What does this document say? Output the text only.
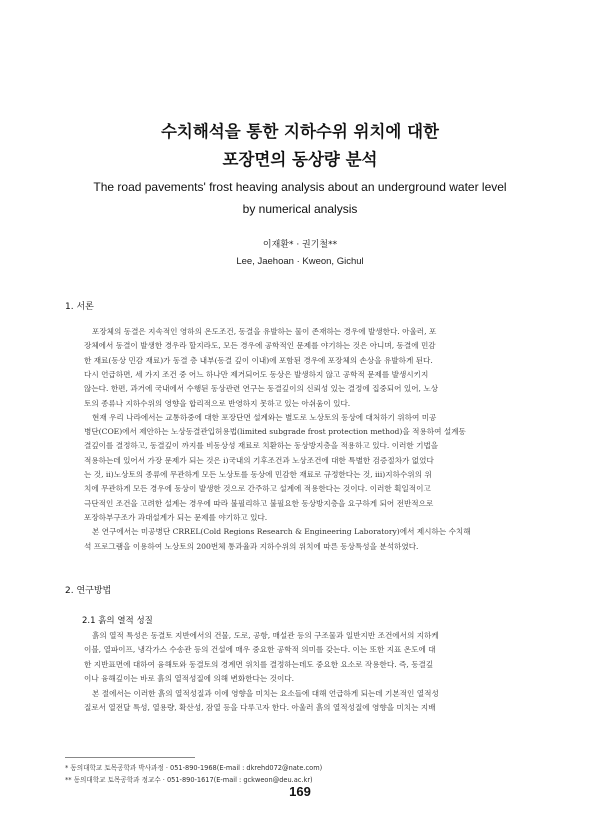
수치해석을 통한 지하수위 위치에 대한
포장면의 동상량 분석
The road pavements' frost heaving analysis about an underground water level
by numerical analysis
이재환* · 권기철**
Lee, Jaehoan · Kweon, Gichul
1. 서론
포장체의 동결은 지속적인 영하의 온도조건, 동결을 유발하는 물이 존재하는 경우에 발생한다. 아울러, 포
장체에서 동결이 발생한 경우라 할지라도, 모든 경우에 공학적인 문제를 야기하는 것은 아니며, 동결에 민감
한 재료(동상 민감 재료)가 동결 층 내부(동결 깊이 이내)에 포함된 경우에 포장체의 손상을 유발하게 된다.
다시 언급하면, 세 가지 조건 중 어느 하나만 제거되어도 동상은 발생하지 않고 공학적 문제를 발생시키지
않는다. 한편, 과거에 국내에서 수행된 동상관련 연구는 동결깊이의 신뢰성 있는 결정에 집중되어 있어, 노상
토의 종류나 지하수위의 영향을 합리적으로 반영하지 못하고 있는 아쉬움이 있다.
현재 우리 나라에서는 교통하중에 대한 포장단면 설계와는 별도로 노상토의 동상에 대처하기 위하여 미공
병단(COE)에서 제안하는 노상동결관입허용법(limited subgrade frost protection method)을 적용하여 설계동
결깊이를 결정하고, 동결깊이 까지를 비동상성 재료로 치환하는 동상방지층을 적용하고 있다. 이러한 기법을
적용하는데 있어서 가장 문제가 되는 것은 ⅰ)국내의 기후조건과 노상조건에 대한 특별한 검증절차가 없었다
는 것, ⅱ)노상토의 종류에 무관하게 모든 노상토를 동상에 민감한 재료로 규정한다는 것, ⅲ)지하수위의 위
치에 무관하게 모든 경우에 동상이 발생한 것으로 간주하고 설계에 적용한다는 것이다. 이러한 획일적이고
극단적인 조건을 고려한 설계는 경우에 따라 불필리하고 불필요한 동상방지층을 요구하게 되어 전반적으로
포장하부구조가 과대설계가 되는 문제를 야기하고 있다.
본 연구에서는 미공병단 CRREL(Cold Regions Research & Engineering Laboratory)에서 제시하는 수치해
석 프로그램을 이용하여 노상토의 200번체 통과율과 지하수위의 위치에 따른 동상특성을 분석하였다.
2. 연구방법
2.1 흙의 열적 성질
흙의 열적 특성은 동결토 지반에서의 건물, 도로, 공항, 매설관 등의 구조물과 일반지반 조건에서의 지하케
이블, 열파이프, 냉각가스 수송관 등의 건설에 매우 중요한 공학적 의미를 갖는다. 이는 또한 지표 온도에 대
한 지반표면에 대하여 융해토와 동결토의 경계면 위치를 결정하는데도 중요한 요소로 작용한다. 즉, 동결깊
이나 융해깊이는 바로 흙의 열적성질에 의해 변화한다는 것이다.
본 절에서는 이러한 흙의 열적성질과 이에 영향을 미치는 요소들에 대해 언급하게 되는데 기본적인 열적성
질로서 열전달 특성, 열용량, 확산성, 잠열 등을 다루고자 한다. 아울러 흙의 열적성질에 영향을 미치는 지배
* 동의대학교 토목공학과 박사과정 · 051-890-1968(E-mail : dkrehd072@nate.com)
** 동의대학교 토목공학과 정교수 · 051-890-1617(E-mail : gckweon@deu.ac.kr)
169
